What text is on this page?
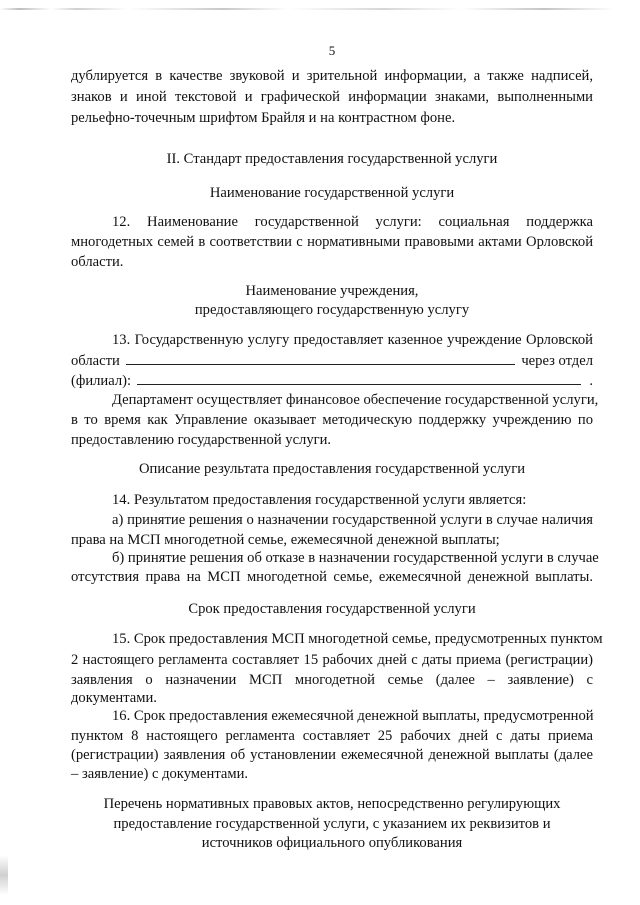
5
дублируется в качестве звуковой и зрительной информации, а также надписей,
знаков и иной текстовой и графической информации знаками, выполненными
рельефно-точечным шрифтом Брайля и на контрастном фоне.
II. Стандарт предоставления государственной услуги
Наименование государственной услуги
12. Наименование государственной услуги: социальная поддержка
многодетных семей в соответствии с нормативными правовыми актами Орловской
области.
Наименование учреждения,
предоставляющего государственную услугу
13. Государственную услугу предоставляет казенное учреждение Орловской
области	через отдел
(филиал):	.
Департамент осуществляет финансовое обеспечение государственной услуги,
в то время как Управление оказывает методическую поддержку учреждению по
предоставлению государственной услуги.
Описание результата предоставления государственной услуги
14. Результатом предоставления государственной услуги является:
а) принятие решения о назначении государственной услуги в случае наличия
права на МСП многодетной семье, ежемесячной денежной выплаты;
б) принятие решения об отказе в назначении государственной услуги в случае
отсутствия права на МСП многодетной семье, ежемесячной денежной выплаты.
Срок предоставления государственной услуги
15. Срок предоставления МСП многодетной семье, предусмотренных пунктом
2 настоящего регламента составляет 15 рабочих дней с даты приема (регистрации)
заявления о назначении МСП многодетной семье (далее – заявление) с
документами.
16. Срок предоставления ежемесячной денежной выплаты, предусмотренной
пунктом 8 настоящего регламента составляет 25 рабочих дней с даты приема
(регистрации) заявления об установлении ежемесячной денежной выплаты (далее
– заявление) с документами.
Перечень нормативных правовых актов, непосредственно регулирующих
предоставление государственной услуги, с указанием их реквизитов и
источников официального опубликования
